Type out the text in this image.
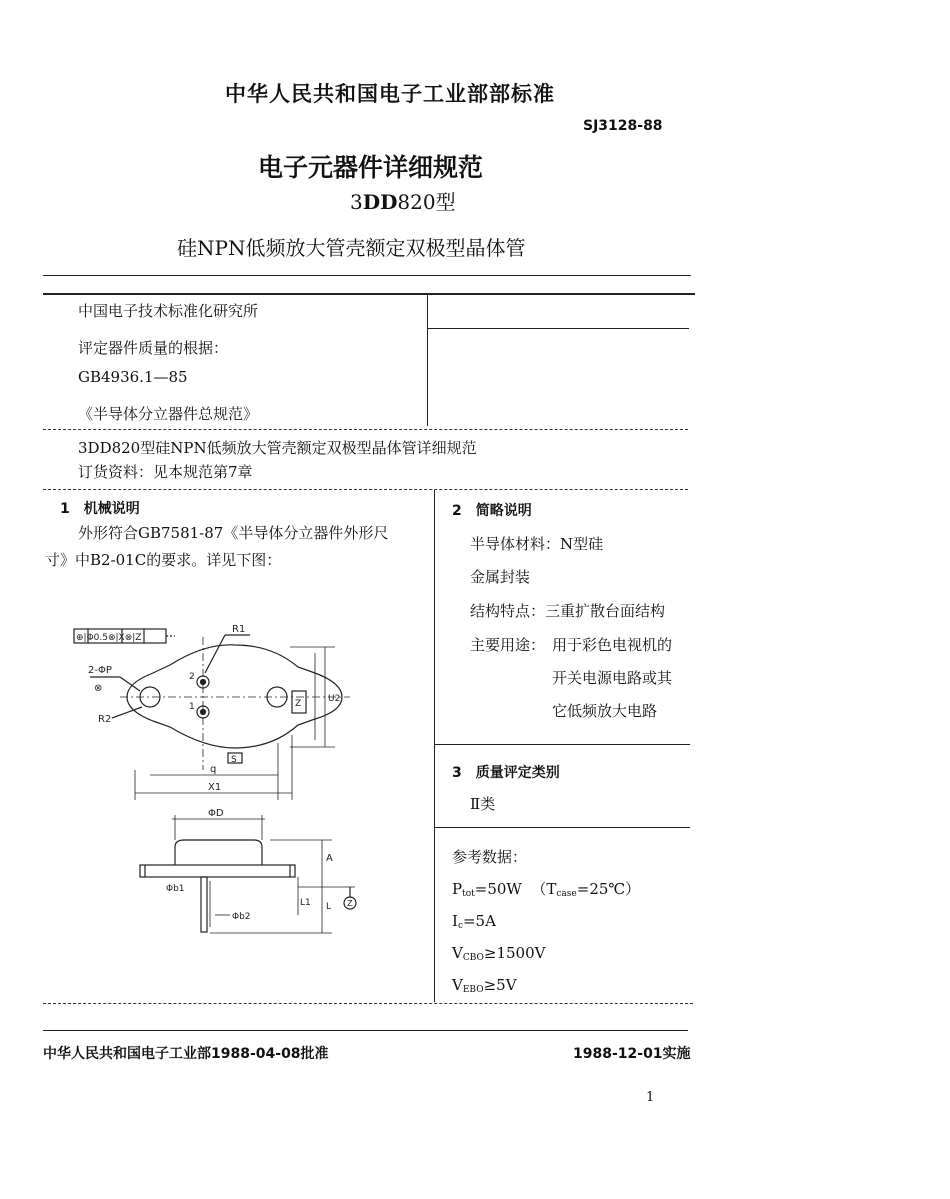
中华人民共和国电子工业部部标准
SJ3128-88
电子元器件详细规范
3DD820型
硅NPN低频放大管壳额定双极型晶体管
中国电子技术标准化研究所
评定器件质量的根据：
GB4936.1—85
《半导体分立器件总规范》
3DD820型硅NPN低频放大管壳额定双极型晶体管详细规范
订货资料：见本规范第7章
1　机械说明
外形符合GB7581-87《半导体分立器件外形尺
寸》中B2-01C的要求。详见下图：
⊕|Φ0.5⊗|X⊗|Z
R1
2-ΦP
⊗
R2
2
1
S
q
X1
Z	U2
ΦD
A
Φb1
Φb2
L1 L Z
2　简略说明
半导体材料：N型硅
金属封装
结构特点：三重扩散台面结构
主要用途： 用于彩色电视机的
开关电源电路或其
它低频放大电路
3　质量评定类别
Ⅱ类
参考数据：
$P_{tot}=50W$ $(T_{case}=25℃)$
$I_c=5A$
$V_{CBO}\ge 1500V$
$V_{EBO}\ge 5V$
中华人民共和国电子工业部1988-04-08批准	1988-12-01实施
1
